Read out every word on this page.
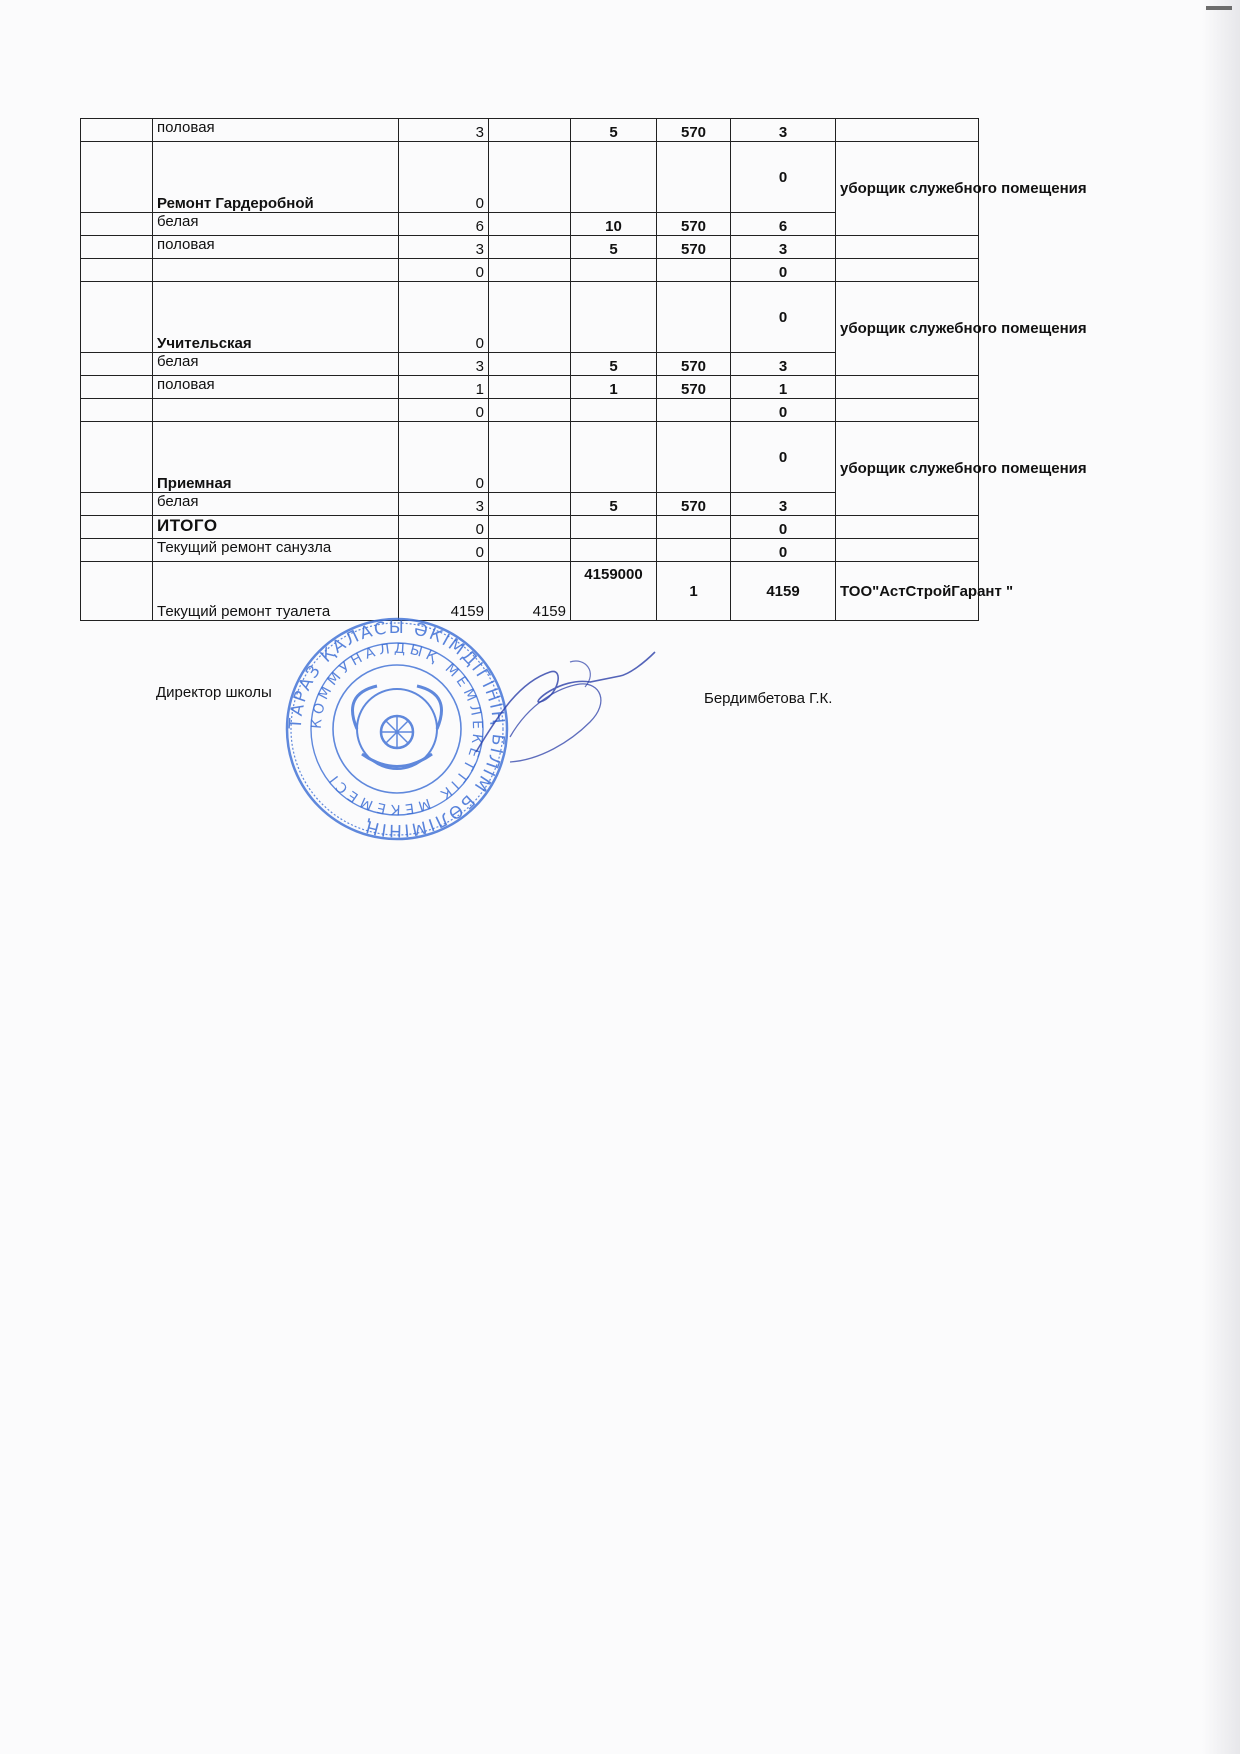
	половая	3		5	570	3	
	Ремонт Гардеробной	0				0	уборщик служебного помещения
	белая	6		10	570	6	
	половая	3		5	570	3	
		0				0	
	Учительская	0				0	уборщик служебного помещения
	белая	3		5	570	3	
	половая	1		1	570	1	
		0				0	
	Приемная	0				0	уборщик служебного помещения
	белая	3		5	570	3	
	ИТОГО	0				0	
	Текущий ремонт санузла	0				0	
	Текущий ремонт туалета	4159	4159	4159000	1	4159	ТОО"АстСтройГарант "
Директор школы
ТАРАЗ ҚАЛАСЫ ӘКІМДІГІНІҢ БІЛІМ БӨЛІМІНІҢ
КОММУНАЛДЫҚ МЕМЛЕКЕТТІК МЕКЕМЕСІ
Бердимбетова Г.К.
